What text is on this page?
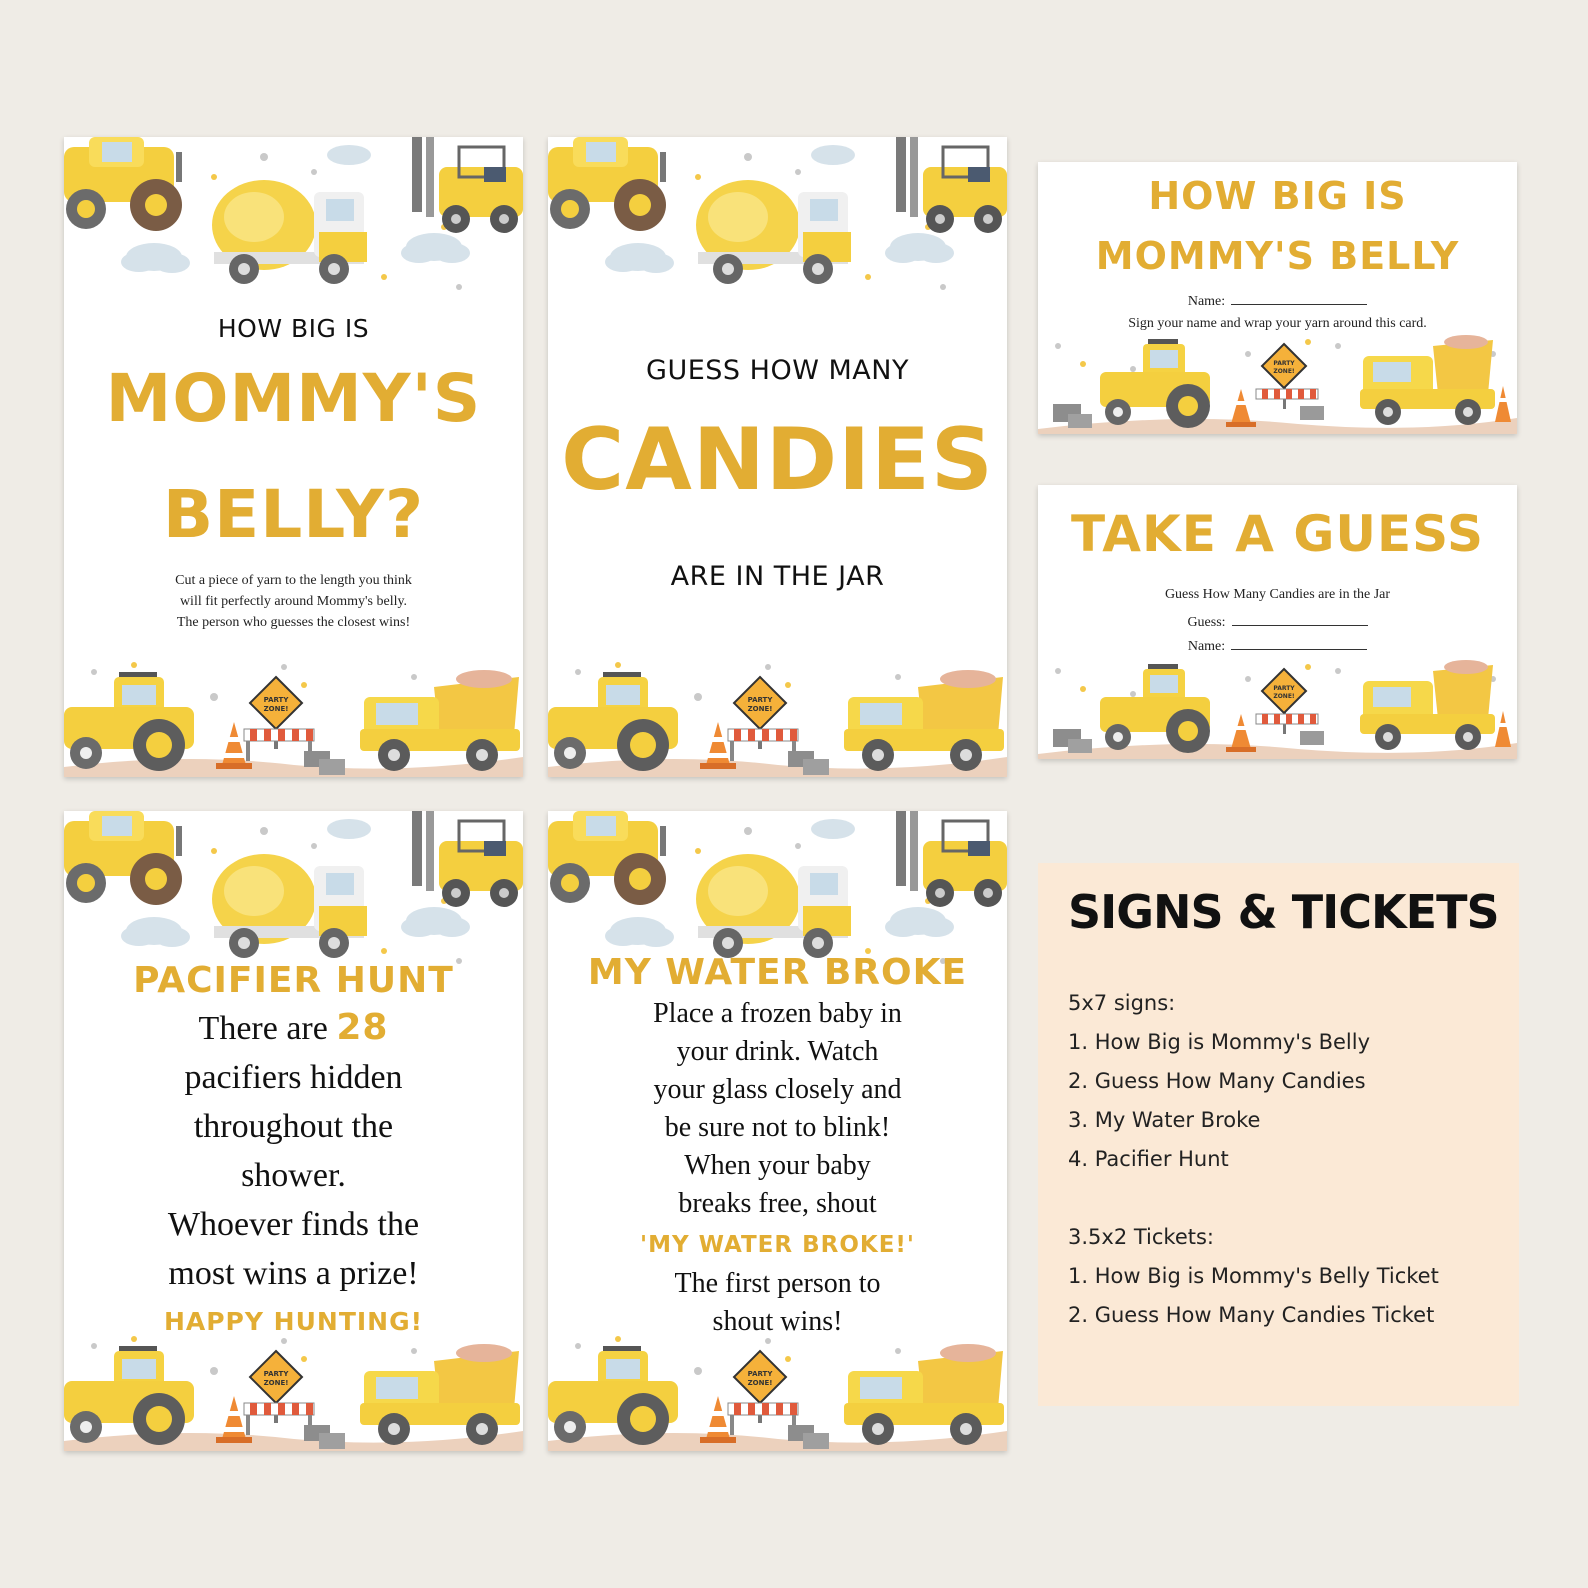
HOW BIG IS
MOMMY'S
BELLY?
Cut a piece of yarn to the length you think
will fit perfectly around Mommy's belly.
The person who guesses the closest wins!
GUESS HOW MANY
CANDIES
ARE IN THE JAR
HOW BIG IS
MOMMY'S BELLY
Name:
Sign your name and wrap your yarn around this card.
TAKE A GUESS
Guess How Many Candies are in the Jar
Guess:
Name:
PACIFIER HUNT
There are 28
pacifiers hidden
throughout the
shower.
Whoever finds the
most wins a prize!
HAPPY HUNTING!
MY WATER BROKE
Place a frozen baby in
your drink. Watch
your glass closely and
be sure not to blink!
When your baby
breaks free, shout
'MY WATER BROKE!'
The first person to
shout wins!
SIGNS & TICKETS
5x7 signs:
1. How Big is Mommy's Belly
2. Guess How Many Candies
3. My Water Broke
4. Pacifier Hunt
3.5x2 Tickets:
1. How Big is Mommy's Belly Ticket
2. Guess How Many Candies Ticket
